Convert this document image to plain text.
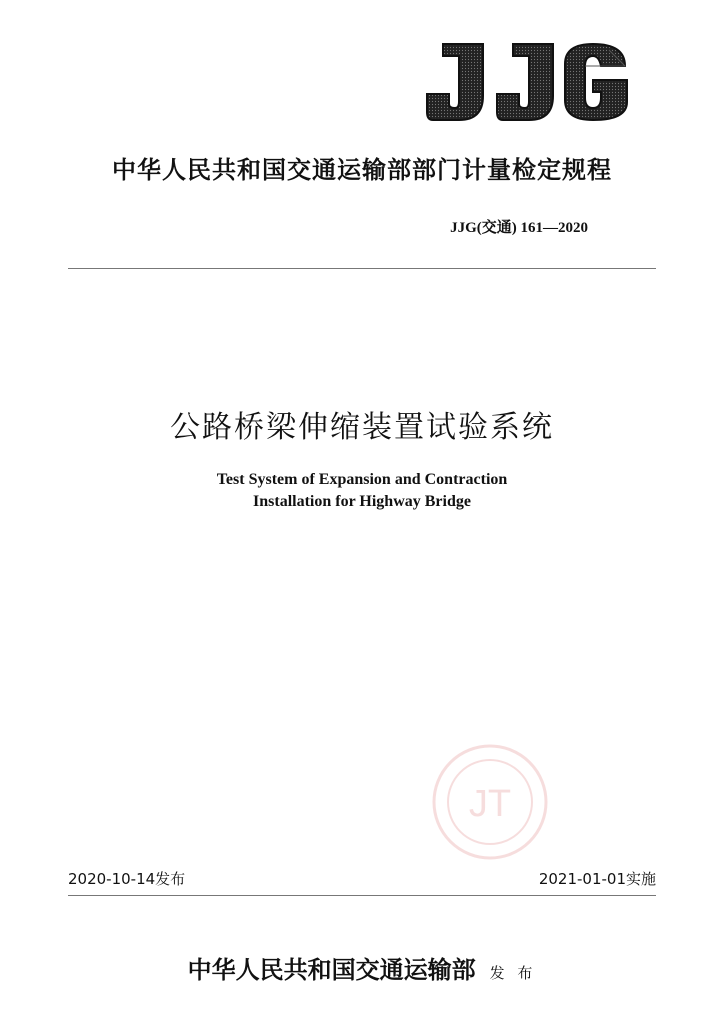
中华人民共和国交通运输部部门计量检定规程
JJG(交通) 161—2020
公路桥梁伸缩装置试验系统
Test System of Expansion and Contraction
Installation for Highway Bridge
JT
2020-10-14发布	2021-01-01实施
中华人民共和国交通运输部 发 布
